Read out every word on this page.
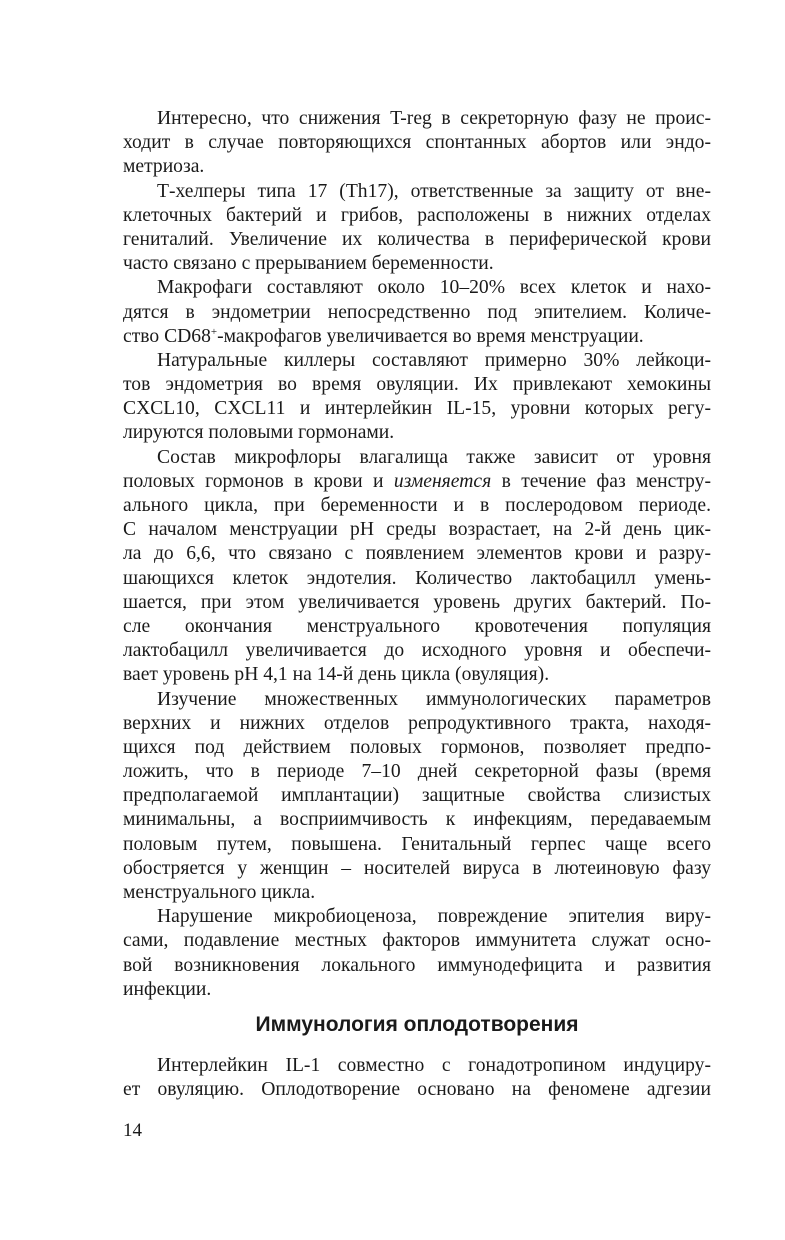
Интересно, что снижения T-reg в секреторную фазу не проис-
ходит в случае повторяющихся спонтанных абортов или эндо-
метриоза.
Т-хелперы типа 17 (Th17), ответственные за защиту от вне-
клеточных бактерий и грибов, расположены в нижних отделах
гениталий. Увеличение их количества в периферической крови
часто связано с прерыванием беременности.
Макрофаги составляют около 10–20% всех клеток и нахо-
дятся в эндометрии непосредственно под эпителием. Количе-
ство CD68+-макрофагов увеличивается во время менструации.
Натуральные киллеры составляют примерно 30% лейкоци-
тов эндометрия во время овуляции. Их привлекают хемокины
CXCL10, CXCL11 и интерлейкин IL-15, уровни которых регу-
лируются половыми гормонами.
Состав микрофлоры влагалища также зависит от уровня
половых гормонов в крови и изменяется в течение фаз менстру-
ального цикла, при беременности и в послеродовом периоде.
С началом менструации pH среды возрастает, на 2-й день цик-
ла до 6,6, что связано с появлением элементов крови и разру-
шающихся клеток эндотелия. Количество лактобацилл умень-
шается, при этом увеличивается уровень других бактерий. По-
сле окончания менструального кровотечения популяция
лактобацилл увеличивается до исходного уровня и обеспечи-
вает уровень pH 4,1 на 14-й день цикла (овуляция).
Изучение множественных иммунологических параметров
верхних и нижних отделов репродуктивного тракта, находя-
щихся под действием половых гормонов, позволяет предпо-
ложить, что в периоде 7–10 дней секреторной фазы (время
предполагаемой имплантации) защитные свойства слизистых
минимальны, а восприимчивость к инфекциям, передаваемым
половым путем, повышена. Генитальный герпес чаще всего
обостряется у женщин – носителей вируса в лютеиновую фазу
менструального цикла.
Нарушение микробиоценоза, повреждение эпителия виру-
сами, подавление местных факторов иммунитета служат осно-
вой возникновения локального иммунодефицита и развития
инфекции.
Иммунология оплодотворения
Интерлейкин IL-1 совместно с гонадотропином индуциру-
ет овуляцию. Оплодотворение основано на феномене адгезии
14
